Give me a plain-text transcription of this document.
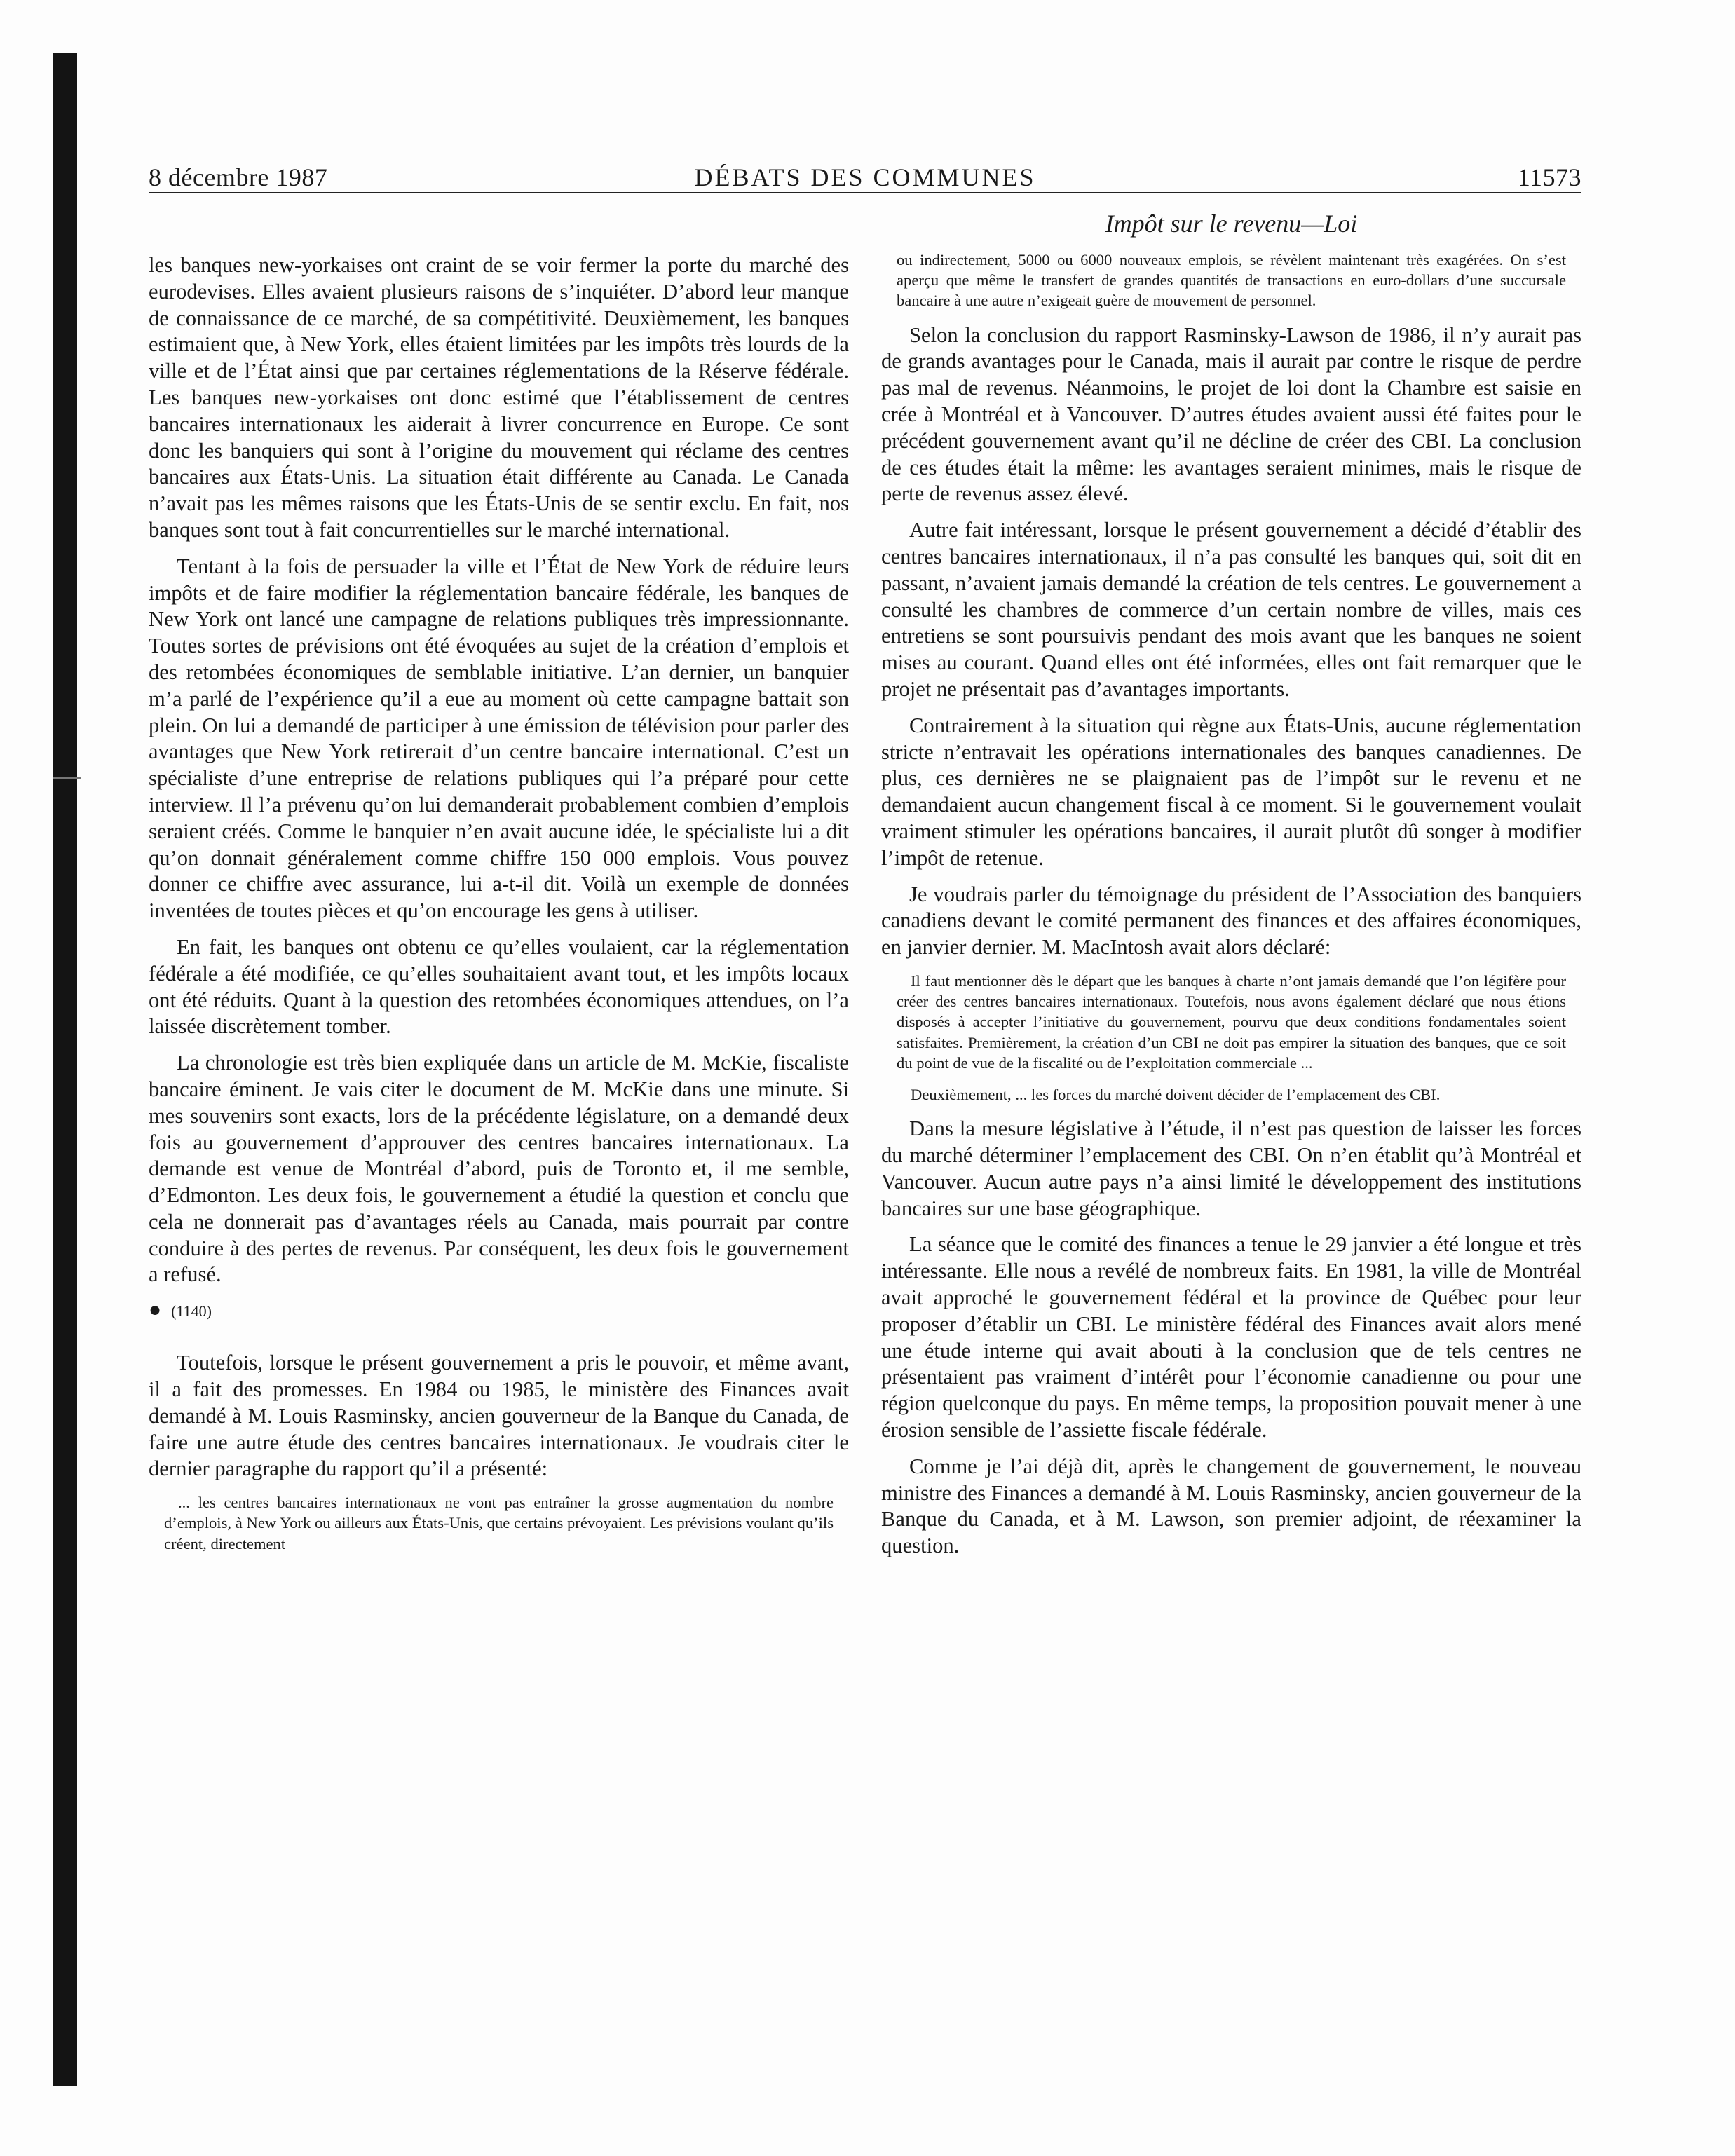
8 décembre 1987	DÉBATS DES COMMUNES	11573
Impôt sur le revenu—Loi

les banques new-yorkaises ont craint de se voir fermer la porte du marché des eurodevises. Elles avaient plusieurs raisons de s’inquiéter. D’abord leur manque de connaissance de ce marché, de sa compétitivité. Deuxièmement, les banques estimaient que, à New York, elles étaient limitées par les impôts très lourds de la ville et de l’État ainsi que par certaines réglementations de la Réserve fédérale. Les banques new-yorkaises ont donc estimé que l’établissement de centres bancaires internationaux les aiderait à livrer concurrence en Europe. Ce sont donc les banquiers qui sont à l’origine du mouvement qui réclame des centres bancaires aux États-Unis. La situation était différente au Canada. Le Canada n’avait pas les mêmes raisons que les États-Unis de se sentir exclu. En fait, nos banques sont tout à fait concurrentielles sur le marché international.

Tentant à la fois de persuader la ville et l’État de New York de réduire leurs impôts et de faire modifier la réglementation bancaire fédérale, les banques de New York ont lancé une campagne de relations publiques très impressionnante. Toutes sortes de prévisions ont été évoquées au sujet de la création d’emplois et des retombées économiques de semblable initiative. L’an dernier, un banquier m’a parlé de l’expérience qu’il a eue au moment où cette campagne battait son plein. On lui a demandé de participer à une émission de télévision pour parler des avantages que New York retirerait d’un centre bancaire international. C’est un spécialiste d’une entreprise de relations publiques qui l’a préparé pour cette interview. Il l’a prévenu qu’on lui demanderait probablement combien d’emplois seraient créés. Comme le banquier n’en avait aucune idée, le spécialiste lui a dit qu’on donnait généralement comme chiffre 150 000 emplois. Vous pouvez donner ce chiffre avec assurance, lui a-t-il dit. Voilà un exemple de données inventées de toutes pièces et qu’on encourage les gens à utiliser.

En fait, les banques ont obtenu ce qu’elles voulaient, car la réglementation fédérale a été modifiée, ce qu’elles souhaitaient avant tout, et les impôts locaux ont été réduits. Quant à la question des retombées économiques attendues, on l’a laissée discrètement tomber.

La chronologie est très bien expliquée dans un article de M. McKie, fiscaliste bancaire éminent. Je vais citer le document de M. McKie dans une minute. Si mes souvenirs sont exacts, lors de la précédente législature, on a demandé deux fois au gouvernement d’approuver des centres bancaires internationaux. La demande est venue de Montréal d’abord, puis de Toronto et, il me semble, d’Edmonton. Les deux fois, le gouvernement a étudié la question et conclu que cela ne donnerait pas d’avantages réels au Canada, mais pourrait par contre conduire à des pertes de revenus. Par conséquent, les deux fois le gouvernement a refusé.

● (1140)

Toutefois, lorsque le présent gouvernement a pris le pouvoir, et même avant, il a fait des promesses. En 1984 ou 1985, le ministère des Finances avait demandé à M. Louis Rasminsky, ancien gouverneur de la Banque du Canada, de faire une autre étude des centres bancaires internationaux. Je voudrais citer le dernier paragraphe du rapport qu’il a présenté:

... les centres bancaires internationaux ne vont pas entraîner la grosse augmentation du nombre d’emplois, à New York ou ailleurs aux États-Unis, que certains prévoyaient. Les prévisions voulant qu’ils créent, directement
ou indirectement, 5000 ou 6000 nouveaux emplois, se révèlent maintenant très exagérées. On s’est aperçu que même le transfert de grandes quantités de transactions en euro-dollars d’une succursale bancaire à une autre n’exigeait guère de mouvement de personnel.

Selon la conclusion du rapport Rasminsky-Lawson de 1986, il n’y aurait pas de grands avantages pour le Canada, mais il aurait par contre le risque de perdre pas mal de revenus. Néanmoins, le projet de loi dont la Chambre est saisie en crée à Montréal et à Vancouver. D’autres études avaient aussi été faites pour le précédent gouvernement avant qu’il ne décline de créer des CBI. La conclusion de ces études était la même: les avantages seraient minimes, mais le risque de perte de revenus assez élevé.

Autre fait intéressant, lorsque le présent gouvernement a décidé d’établir des centres bancaires internationaux, il n’a pas consulté les banques qui, soit dit en passant, n’avaient jamais demandé la création de tels centres. Le gouvernement a consulté les chambres de commerce d’un certain nombre de villes, mais ces entretiens se sont poursuivis pendant des mois avant que les banques ne soient mises au courant. Quand elles ont été informées, elles ont fait remarquer que le projet ne présentait pas d’avantages importants.

Contrairement à la situation qui règne aux États-Unis, aucune réglementation stricte n’entravait les opérations internationales des banques canadiennes. De plus, ces dernières ne se plaignaient pas de l’impôt sur le revenu et ne demandaient aucun changement fiscal à ce moment. Si le gouvernement voulait vraiment stimuler les opérations bancaires, il aurait plutôt dû songer à modifier l’impôt de retenue.

Je voudrais parler du témoignage du président de l’Association des banquiers canadiens devant le comité permanent des finances et des affaires économiques, en janvier dernier. M. MacIntosh avait alors déclaré:

Il faut mentionner dès le départ que les banques à charte n’ont jamais demandé que l’on légifère pour créer des centres bancaires internationaux. Toutefois, nous avons également déclaré que nous étions disposés à accepter l’initiative du gouvernement, pourvu que deux conditions fondamentales soient satisfaites. Premièrement, la création d’un CBI ne doit pas empirer la situation des banques, que ce soit du point de vue de la fiscalité ou de l’exploitation commerciale ...
Deuxièmement, ... les forces du marché doivent décider de l’emplacement des CBI.

Dans la mesure législative à l’étude, il n’est pas question de laisser les forces du marché déterminer l’emplacement des CBI. On n’en établit qu’à Montréal et Vancouver. Aucun autre pays n’a ainsi limité le développement des institutions bancaires sur une base géographique.

La séance que le comité des finances a tenue le 29 janvier a été longue et très intéressante. Elle nous a revélé de nombreux faits. En 1981, la ville de Montréal avait approché le gouvernement fédéral et la province de Québec pour leur proposer d’établir un CBI. Le ministère fédéral des Finances avait alors mené une étude interne qui avait abouti à la conclusion que de tels centres ne présentaient pas vraiment d’intérêt pour l’économie canadienne ou pour une région quelconque du pays. En même temps, la proposition pouvait mener à une érosion sensible de l’assiette fiscale fédérale.

Comme je l’ai déjà dit, après le changement de gouvernement, le nouveau ministre des Finances a demandé à M. Louis Rasminsky, ancien gouverneur de la Banque du Canada, et à M. Lawson, son premier adjoint, de réexaminer la question.
